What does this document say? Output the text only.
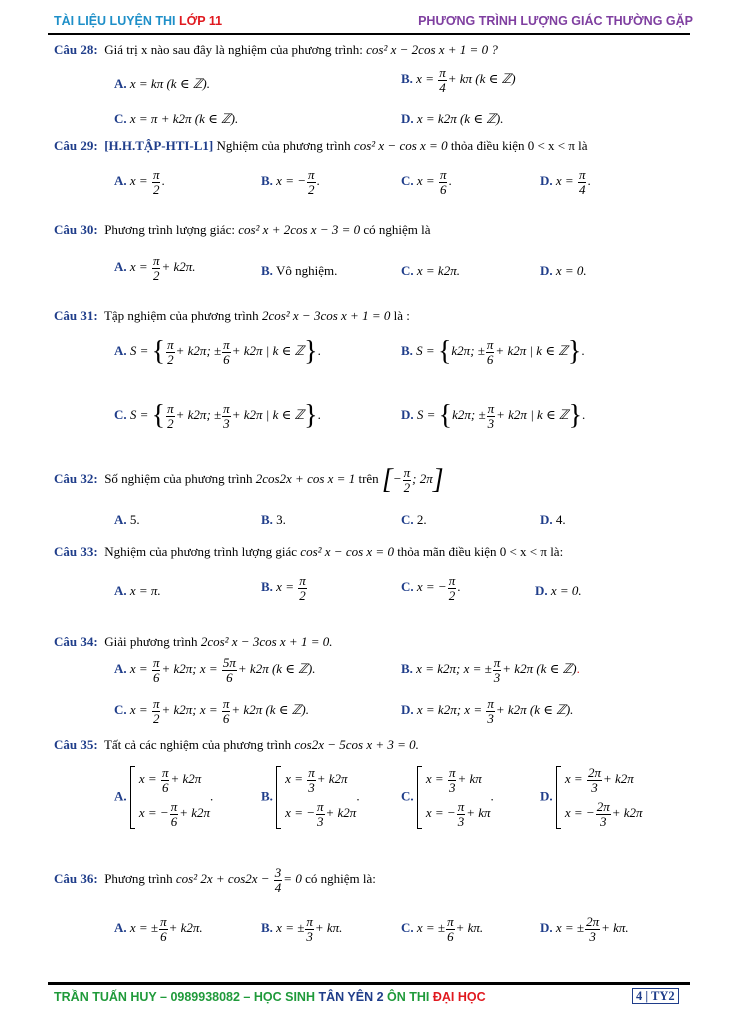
TÀI LIỆU LUYỆN THI LỚP 11	PHƯƠNG TRÌNH LƯỢNG GIÁC THƯỜNG GẶP
Câu 28: Giá trị x nào sau đây là nghiệm của phương trình: cos² x − 2cos x + 1 = 0 ?
A. x = kπ (k ∈ ℤ).	B. $x = \frac{\pi}{4} + k\pi$ (k ∈ ℤ)
C. x = π + k2π (k ∈ ℤ).	D. x = k2π (k ∈ ℤ).
Câu 29: [H.H.TẬP-HTI-L1] Nghiệm của phương trình cos² x − cos x = 0 thỏa điều kiện 0 < x < π là
A. $x = \frac{\pi}{2}$ .	B. x = − $\frac{\pi}{2}$ .	C. $x = \frac{\pi}{6}$ .	D. $x = \frac{\pi}{4}$ .
Câu 30: Phương trình lượng giác: cos² x + 2cos x − 3 = 0 có nghiệm là
A. $x = \frac{\pi}{2} + k2\pi$.	B. Vô nghiệm.	C. x = k2π.	D. x = 0.
Câu 31: Tập nghiệm của phương trình 2cos² x − 3cos x + 1 = 0 là :
A. S = { $\frac{\pi}{2} + k2\pi$; ± $\frac{\pi}{6} + k2\pi$ | k ∈ ℤ}.	B. S = {k2π; ± $\frac{\pi}{6} + k2\pi$ | k ∈ ℤ}.
C. S = { $\frac{\pi}{2} + k2\pi$; ± $\frac{\pi}{3} + k2\pi$ | k ∈ ℤ}.	D. S = {k2π; ± $\frac{\pi}{3} + k2\pi$ | k ∈ ℤ}.
Câu 32: Số nghiệm của phương trình 2cos2x + cos x = 1 trên [− $\frac{\pi}{2}$ ; 2π]
A. 5.	B. 3.	C. 2.	D. 4.
Câu 33: Nghiệm của phương trình lượng giác cos² x − cos x = 0 thỏa mãn điều kiện 0 < x < π là:
A. x = π.	B. $x = \frac{\pi}{2}$	C. x = − $\frac{\pi}{2}$ .	D. x = 0.
Câu 34: Giải phương trình 2cos² x − 3cos x + 1 = 0.
A. $x = \frac{\pi}{6} + k2\pi$; $x = \frac{5\pi}{6} + k2\pi$ (k ∈ ℤ).	B. x = k2π; x = ± $\frac{\pi}{3} + k2\pi$ (k ∈ ℤ).
C. $x = \frac{\pi}{2} + k2\pi$; $x = \frac{\pi}{6} + k2\pi$ (k ∈ ℤ).	D. x = k2π; $x = \frac{\pi}{3} + k2\pi$ (k ∈ ℤ).
Câu 35: Tất cả các nghiệm của phương trình cos2x − 5cos x + 3 = 0.
A.
$x = \frac{\pi}{6} + k2\pi$
x = − $\frac{\pi}{6} + k2\pi$
.	B.
$x = \frac{\pi}{3} + k2\pi$
x = − $\frac{\pi}{3} + k2\pi$
.	C.
$x = \frac{\pi}{3} + k\pi$
x = − $\frac{\pi}{3} + k\pi$
.	D.
$x = \frac{2\pi}{3} + k2\pi$
x = − $\frac{2\pi}{3} + k2\pi$
Câu 36: Phương trình cos² $2x + \cos 2x - \frac{3}{4} = 0$ có nghiệm là:
A. x = ± $\frac{\pi}{6} + k2\pi$.	B. x = ± $\frac{\pi}{3} + k\pi$.	C. x = ± $\frac{\pi}{6} + k\pi$.	D. x = ± $\frac{2\pi}{3} + k\pi$.
TRẦN TUẤN HUY – 0989938082 – HỌC SINH TÂN YÊN 2 ÔN THI ĐẠI HỌC	4 | TY2
